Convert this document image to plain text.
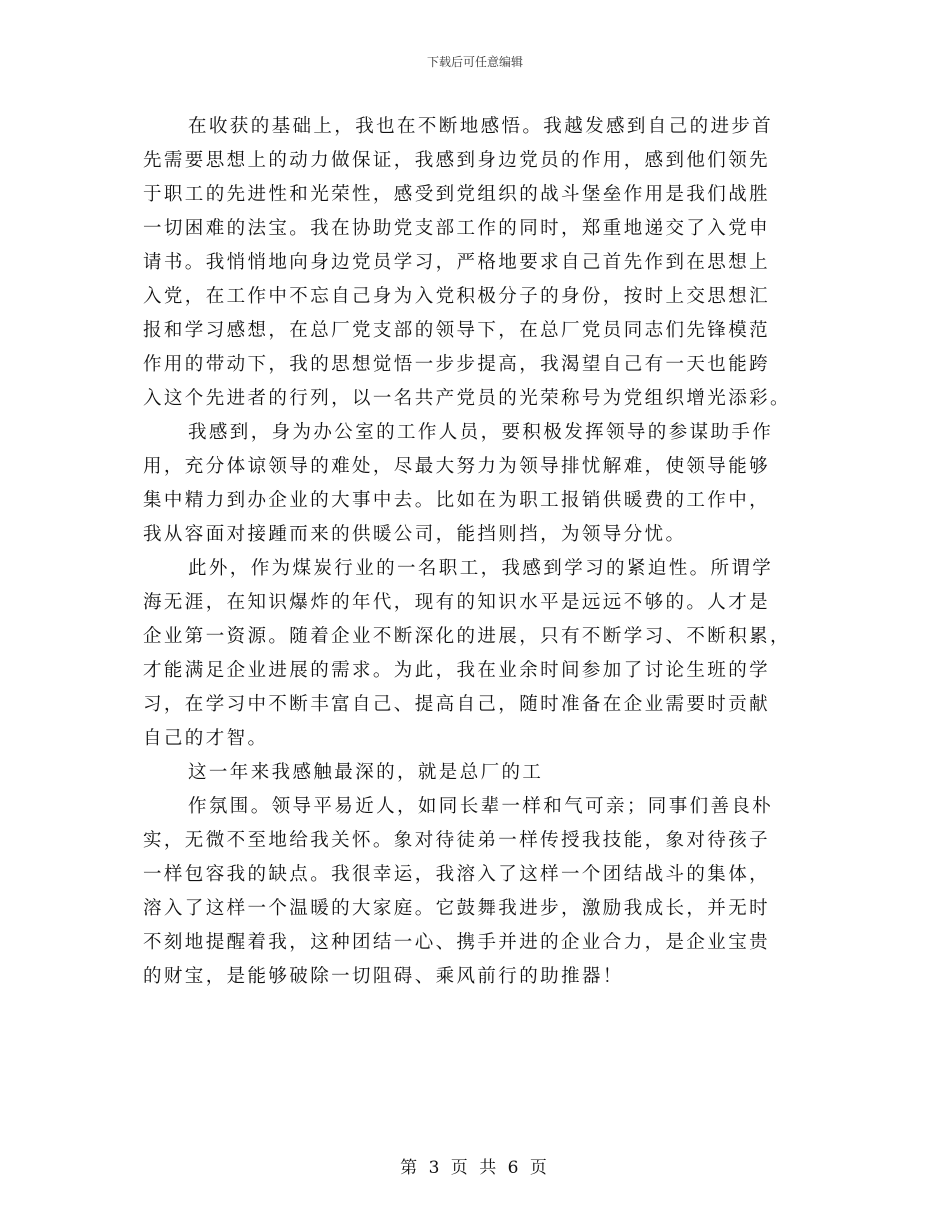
下载后可任意编辑
在收获的基础上，我也在不断地感悟。我越发感到自己的进步首
先需要思想上的动力做保证，我感到身边党员的作用，感到他们领先
于职工的先进性和光荣性，感受到党组织的战斗堡垒作用是我们战胜
一切困难的法宝。我在协助党支部工作的同时，郑重地递交了入党申
请书。我悄悄地向身边党员学习，严格地要求自己首先作到在思想上
入党，在工作中不忘自己身为入党积极分子的身份，按时上交思想汇
报和学习感想，在总厂党支部的领导下，在总厂党员同志们先锋模范
作用的带动下，我的思想觉悟一步步提高，我渴望自己有一天也能跨
入这个先进者的行列，以一名共产党员的光荣称号为党组织增光添彩。
我感到，身为办公室的工作人员，要积极发挥领导的参谋助手作
用，充分体谅领导的难处，尽最大努力为领导排忧解难，使领导能够
集中精力到办企业的大事中去。比如在为职工报销供暖费的工作中，
我从容面对接踵而来的供暖公司，能挡则挡，为领导分忧。
此外，作为煤炭行业的一名职工，我感到学习的紧迫性。所谓学
海无涯，在知识爆炸的年代，现有的知识水平是远远不够的。人才是
企业第一资源。随着企业不断深化的进展，只有不断学习、不断积累，
才能满足企业进展的需求。为此，我在业余时间参加了讨论生班的学
习，在学习中不断丰富自己、提高自己，随时准备在企业需要时贡献
自己的才智。
这一年来我感触最深的，就是总厂的工
作氛围。领导平易近人，如同长辈一样和气可亲；同事们善良朴
实，无微不至地给我关怀。象对待徒弟一样传授我技能，象对待孩子
一样包容我的缺点。我很幸运，我溶入了这样一个团结战斗的集体，
溶入了这样一个温暖的大家庭。它鼓舞我进步，激励我成长，并无时
不刻地提醒着我，这种团结一心、携手并进的企业合力，是企业宝贵
的财宝，是能够破除一切阻碍、乘风前行的助推器！
第 3 页 共 6 页
